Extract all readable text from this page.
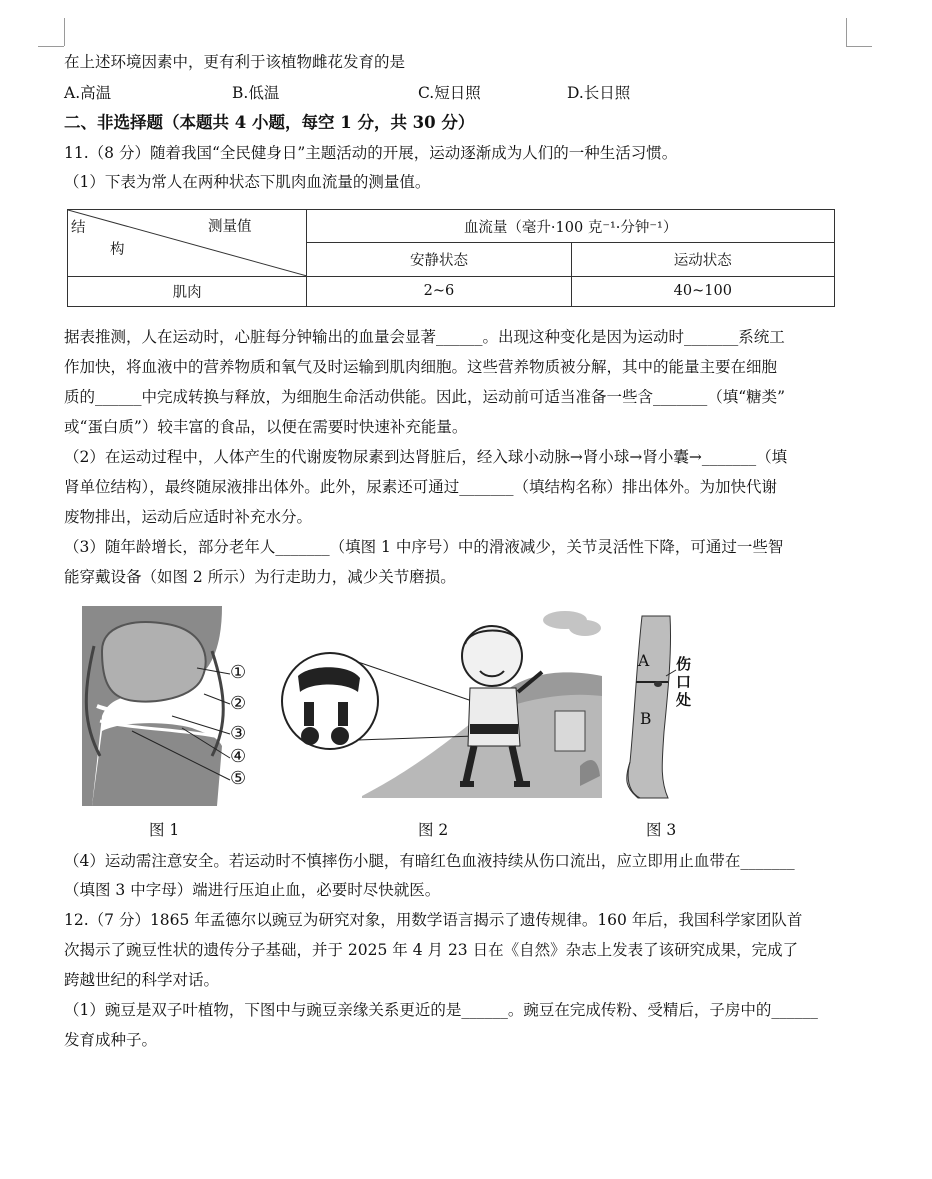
在上述环境因素中，更有利于该植物雌花发育的是
A.高温	B.低温	C.短日照	D.长日照
二、非选择题（本题共 4 小题，每空 1 分，共 30 分）
11.（8 分）随着我国“全民健身日”主题活动的开展，运动逐渐成为人们的一种生活习惯。
（1）下表为常人在两种状态下肌肉血流量的测量值。
测量值
结
构	血流量（毫升·100 克⁻¹·分钟⁻¹）	
	安静状态	运动状态
肌肉	2~6	40~100
据表推测，人在运动时，心脏每分钟输出的血量会显著______。出现这种变化是因为运动时_______系统工
作加快，将血液中的营养物质和氧气及时运输到肌肉细胞。这些营养物质被分解，其中的能量主要在细胞
质的______中完成转换与释放，为细胞生命活动供能。因此，运动前可适当准备一些含_______（填“糖类”
或“蛋白质”）较丰富的食品，以便在需要时快速补充能量。
（2）在运动过程中，人体产生的代谢废物尿素到达肾脏后，经入球小动脉→肾小球→肾小囊→_______（填
肾单位结构），最终随尿液排出体外。此外，尿素还可通过_______（填结构名称）排出体外。为加快代谢
废物排出，运动后应适时补充水分。
（3）随年龄增长，部分老年人_______（填图 1 中序号）中的滑液减少，关节灵活性下降，可通过一些智
能穿戴设备（如图 2 所示）为行走助力，减少关节磨损。
①
②
③
④
⑤
A
B
伤
口
处
图 1	图 2	图 3
（4）运动需注意安全。若运动时不慎摔伤小腿，有暗红色血液持续从伤口流出，应立即用止血带在_______
（填图 3 中字母）端进行压迫止血，必要时尽快就医。
12.（7 分）1865 年孟德尔以豌豆为研究对象，用数学语言揭示了遗传规律。160 年后，我国科学家团队首
次揭示了豌豆性状的遗传分子基础，并于 2025 年 4 月 23 日在《自然》杂志上发表了该研究成果，完成了
跨越世纪的科学对话。
（1）豌豆是双子叶植物，下图中与豌豆亲缘关系更近的是______。豌豆在完成传粉、受精后，子房中的______
发育成种子。
